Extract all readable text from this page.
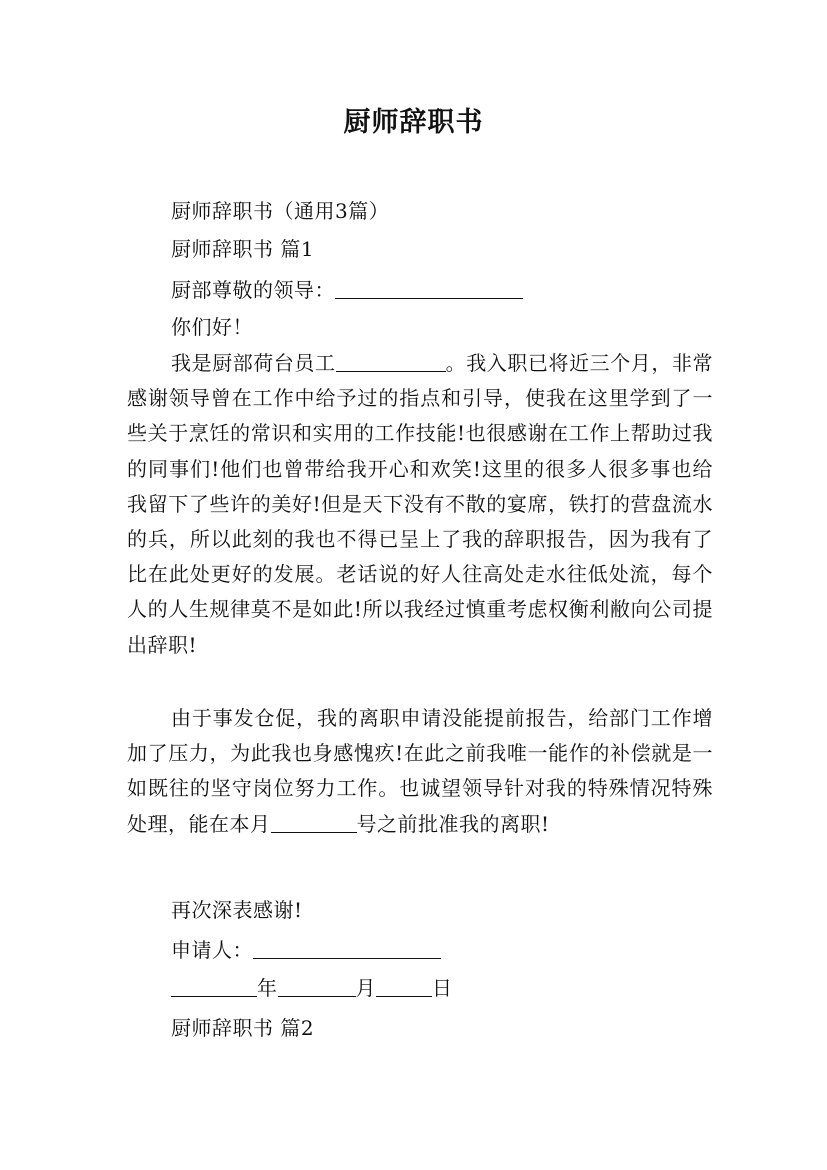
厨师辞职书
厨师辞职书（通用3篇）
厨师辞职书 篇1
厨部尊敬的领导：
你们好！
我是厨部荷台员工	。我入职已将近三个月，非常感谢领导曾在工作中给予过的指点和引导，使我在这里学到了一些关于烹饪的常识和实用的工作技能!也很感谢在工作上帮助过我的同事们!他们也曾带给我开心和欢笑!这里的很多人很多事也给我留下了些许的美好!但是天下没有不散的宴席，铁打的营盘流水的兵，所以此刻的我也不得已呈上了我的辞职报告，因为我有了比在此处更好的发展。老话说的好人往高处走水往低处流，每个人的人生规律莫不是如此!所以我经过慎重考虑权衡利敝向公司提出辞职!
由于事发仓促，我的离职申请没能提前报告，给部门工作增加了压力，为此我也身感愧疚!在此之前我唯一能作的补偿就是一如既往的坚守岗位努力工作。也诚望领导针对我的特殊情况特殊处理，能在本月	号之前批准我的离职!
再次深表感谢!
申请人：
年	月	日
厨师辞职书 篇2
